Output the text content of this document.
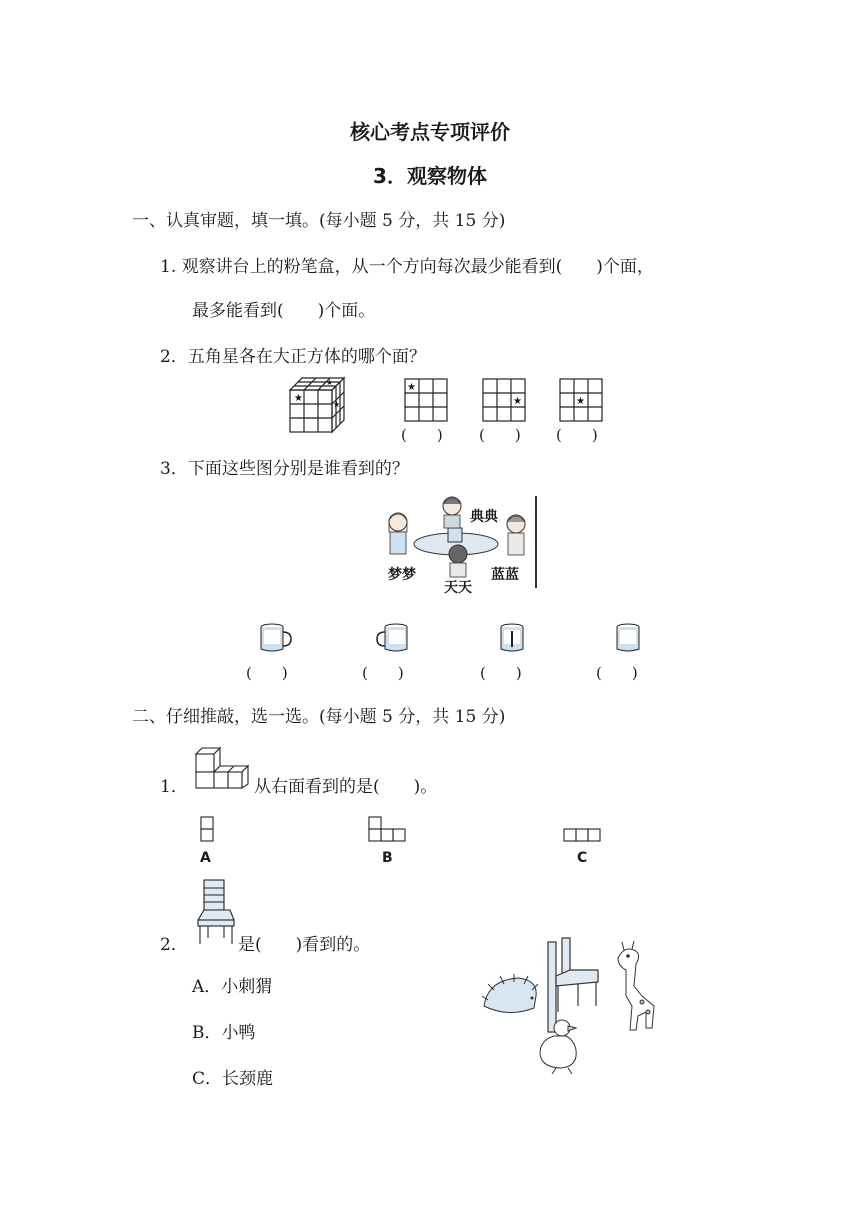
核心考点专项评价
3．观察物体
一、认真审题，填一填。(每小题 5 分，共 15 分)
1. 观察讲台上的粉笔盒，从一个方向每次最少能看到(　　)个面，
最多能看到(　　)个面。
2．五角星各在大正方体的哪个面？
★
★
★
★
★	★
(　　) (　　) (　　)
3．下面这些图分别是谁看到的？
典典
梦梦	蓝蓝
天天
(　　)	(　　)	(　　)	(　　)
二、仔细推敲，选一选。(每小题 5 分，共 15 分)
1．	从右面看到的是(　　)。
A	B	C
2．	是(　　)看到的。
A．小刺猬
B．小鸭
C．长颈鹿
